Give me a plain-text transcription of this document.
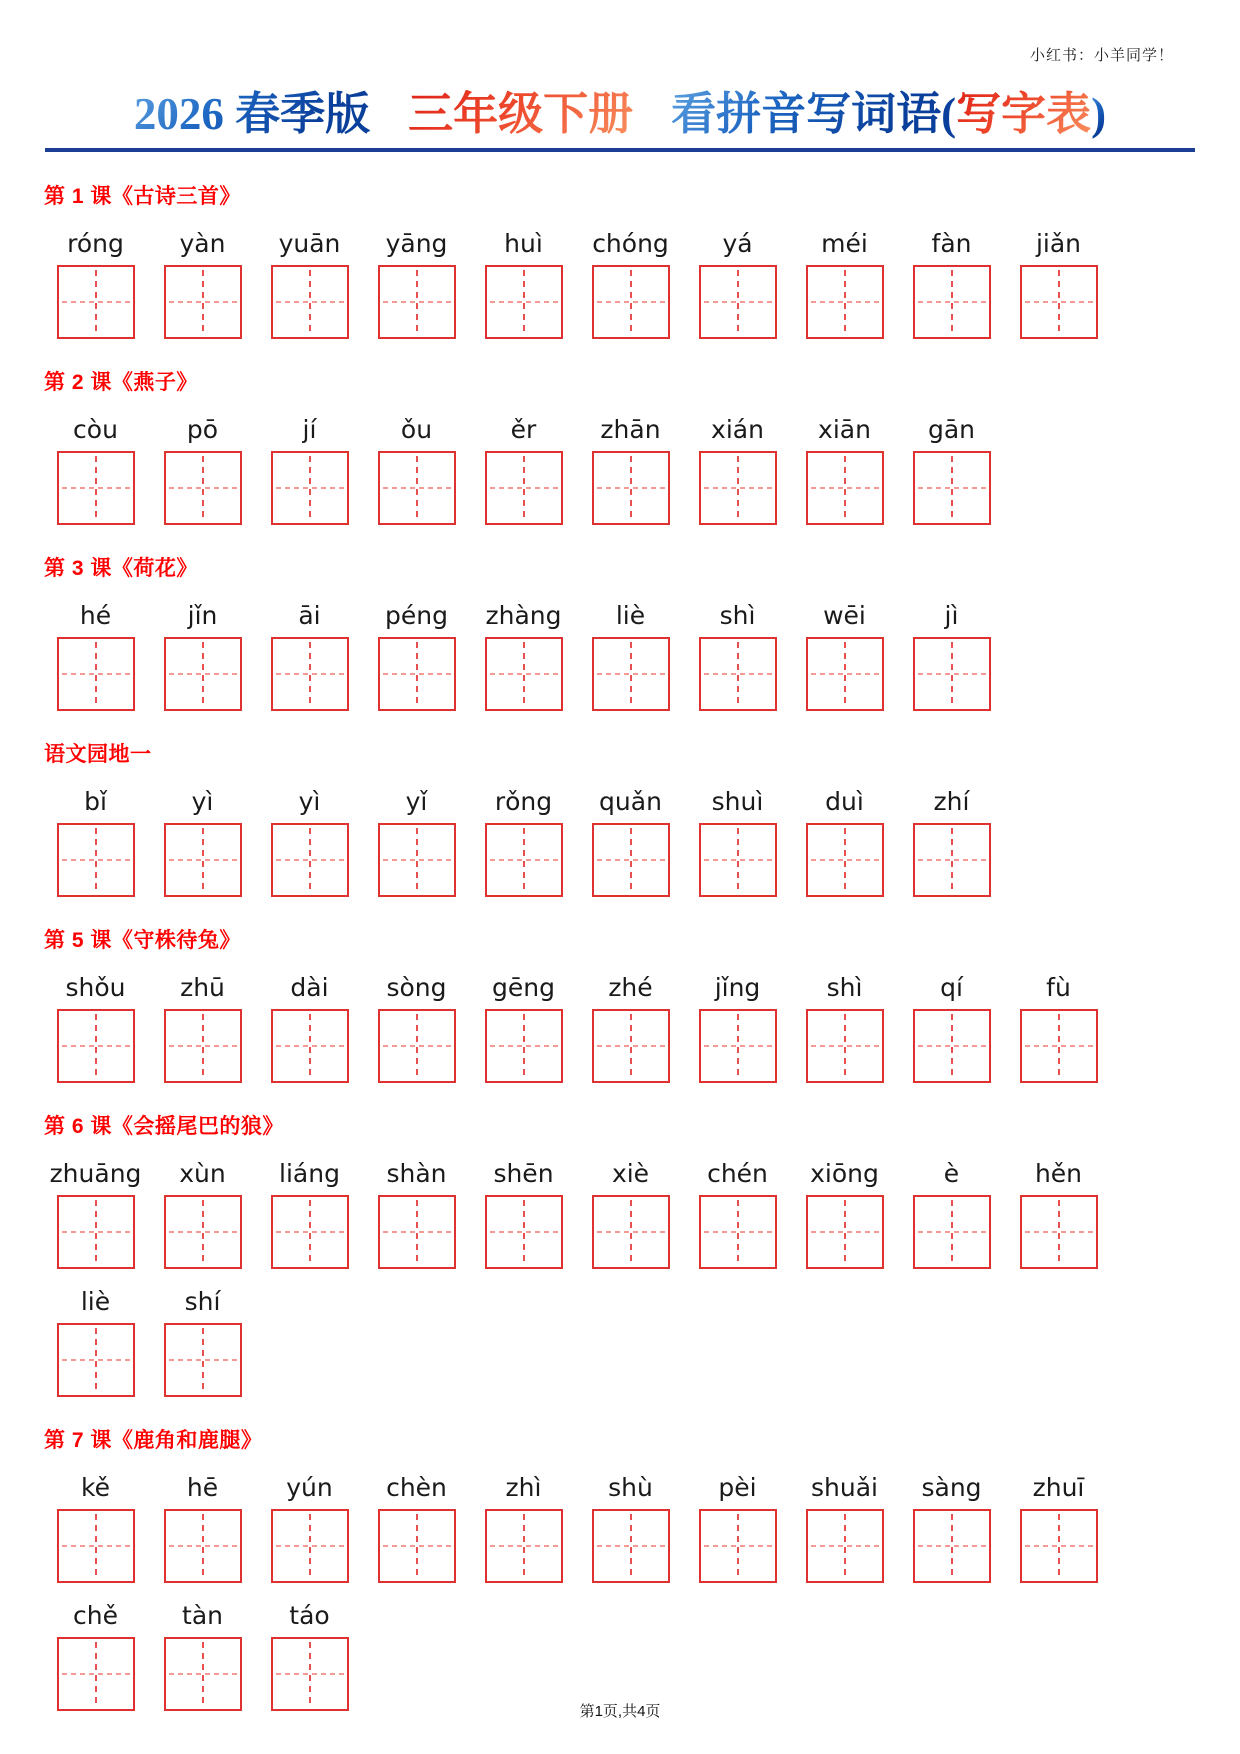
小红书：小羊同学！
2026 春季版 三年级下册 看拼音写词语(写字表)
第 1 课《古诗三首》
róng yàn yuān yāng huì chóng yá	méi	fàn	jiǎn
第 2 课《燕子》
còu	pō	jí	ǒu	ěr	zhān xián xiān gān
第 3 课《荷花》
hé	jǐn	āi	péng zhàng liè	shì	wēi	jì
语文园地一
bǐ	yì	yì	yǐ	rǒng quǎn shuì duì	zhí
第 5 课《守株待兔》
shǒu zhū	dài sòng gēng zhé jǐng	shì	qí	fù
第 6 课《会摇尾巴的狼》
zhuāng xùn liáng shàn shēn xiè chén xiōng	è	hěn
liè	shí
第 7 课《鹿角和鹿腿》
kě	hē	yún chèn zhì	shù	pèi shuǎi sàng zhuī
chě	tàn	táo
第1页,共4页
